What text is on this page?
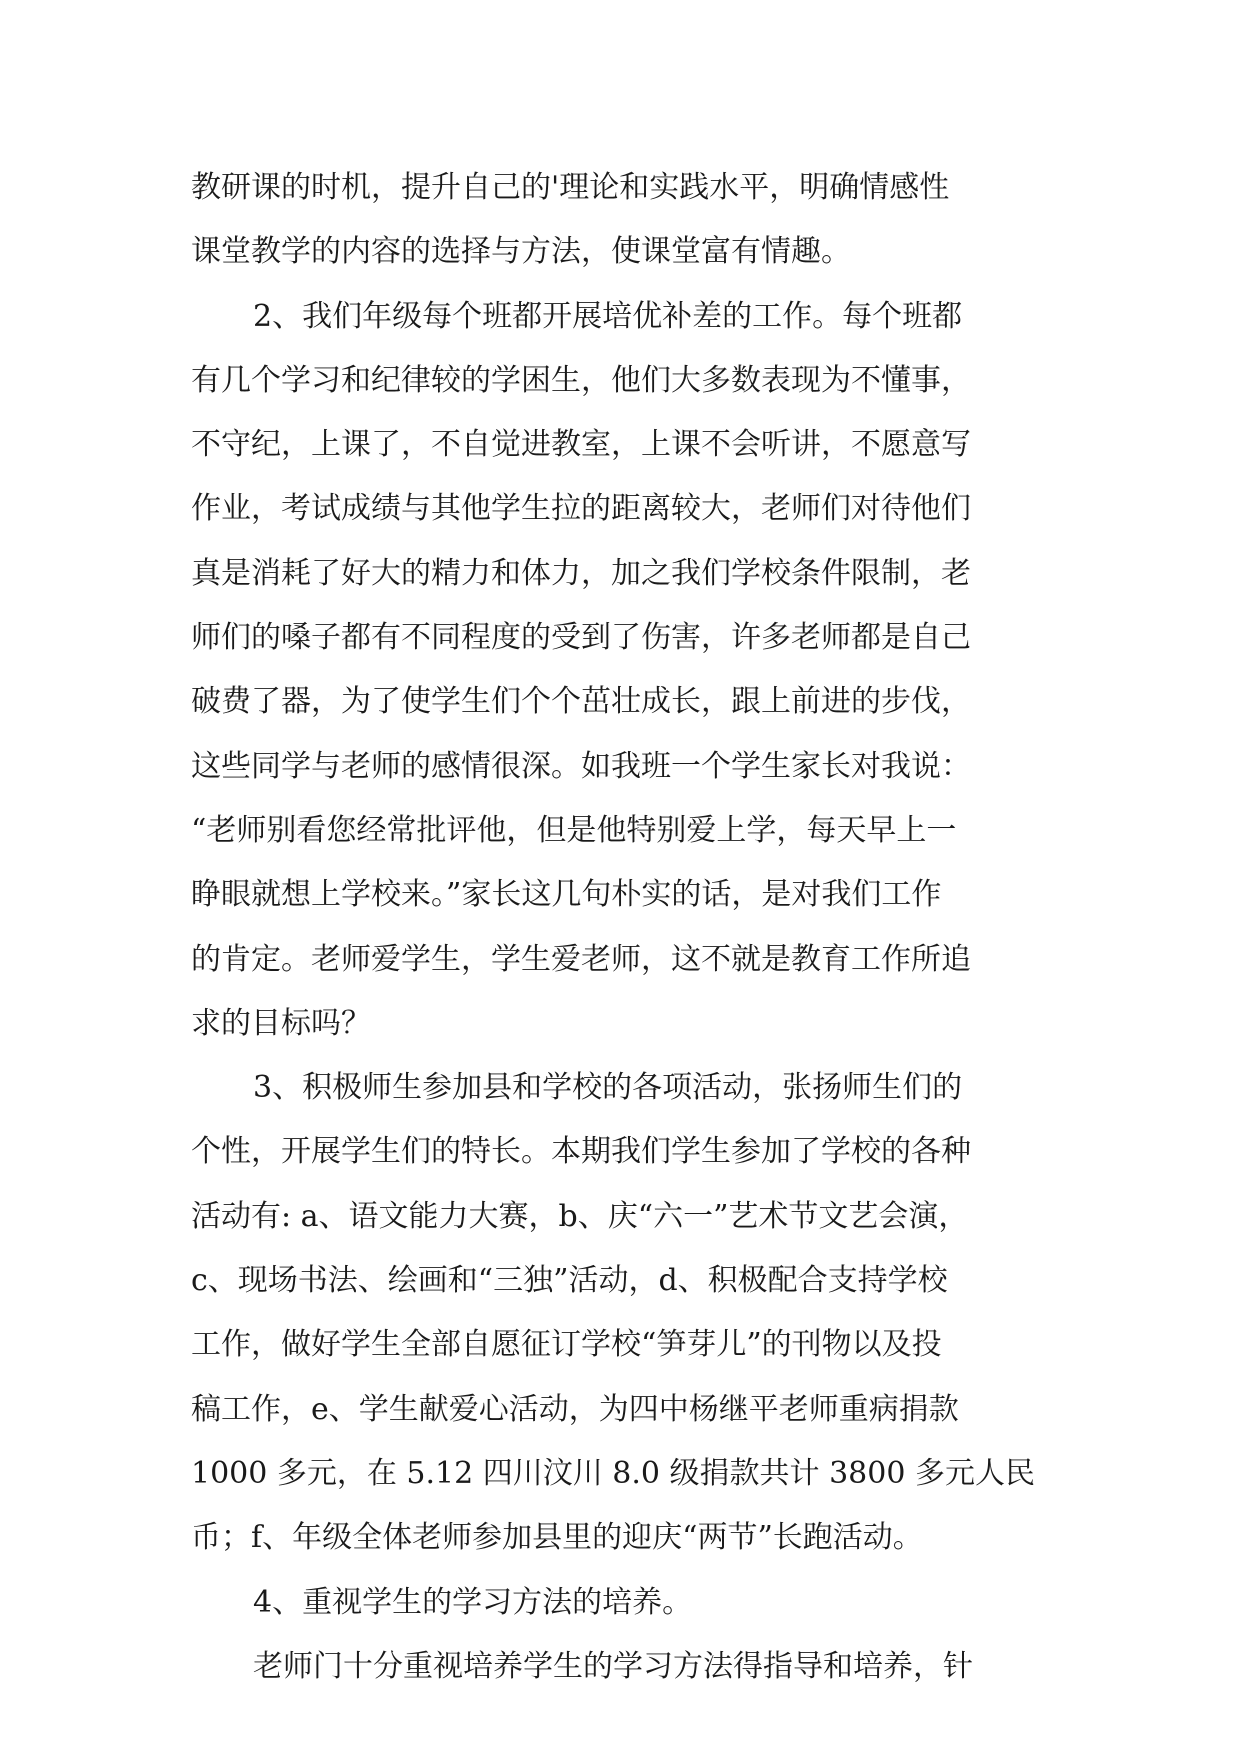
教研课的时机，提升自己的'理论和实践水平，明确情感性
课堂教学的内容的选择与方法，使课堂富有情趣。
2、我们年级每个班都开展培优补差的工作。每个班都
有几个学习和纪律较的学困生，他们大多数表现为不懂事，
不守纪，上课了，不自觉进教室，上课不会听讲，不愿意写
作业，考试成绩与其他学生拉的距离较大，老师们对待他们
真是消耗了好大的精力和体力，加之我们学校条件限制，老
师们的嗓子都有不同程度的受到了伤害，许多老师都是自己
破费了器，为了使学生们个个茁壮成长，跟上前进的步伐，
这些同学与老师的感情很深。如我班一个学生家长对我说：
“老师别看您经常批评他，但是他特别爱上学，每天早上一
睁眼就想上学校来。”家长这几句朴实的话，是对我们工作
的肯定。老师爱学生，学生爱老师，这不就是教育工作所追
求的目标吗？
3、积极师生参加县和学校的各项活动，张扬师生们的
个性，开展学生们的特长。本期我们学生参加了学校的各种
活动有: a、语文能力大赛，b、庆“六一”艺术节文艺会演，
c、现场书法、绘画和“三独”活动，d、积极配合支持学校
工作，做好学生全部自愿征订学校“笋芽儿”的刊物以及投
稿工作，e、学生献爱心活动，为四中杨继平老师重病捐款
1000 多元，在 5.12 四川汶川 8.0 级捐款共计 3800 多元人民
币；f、年级全体老师参加县里的迎庆“两节”长跑活动。
4、重视学生的学习方法的培养。
老师门十分重视培养学生的学习方法得指导和培养，针
